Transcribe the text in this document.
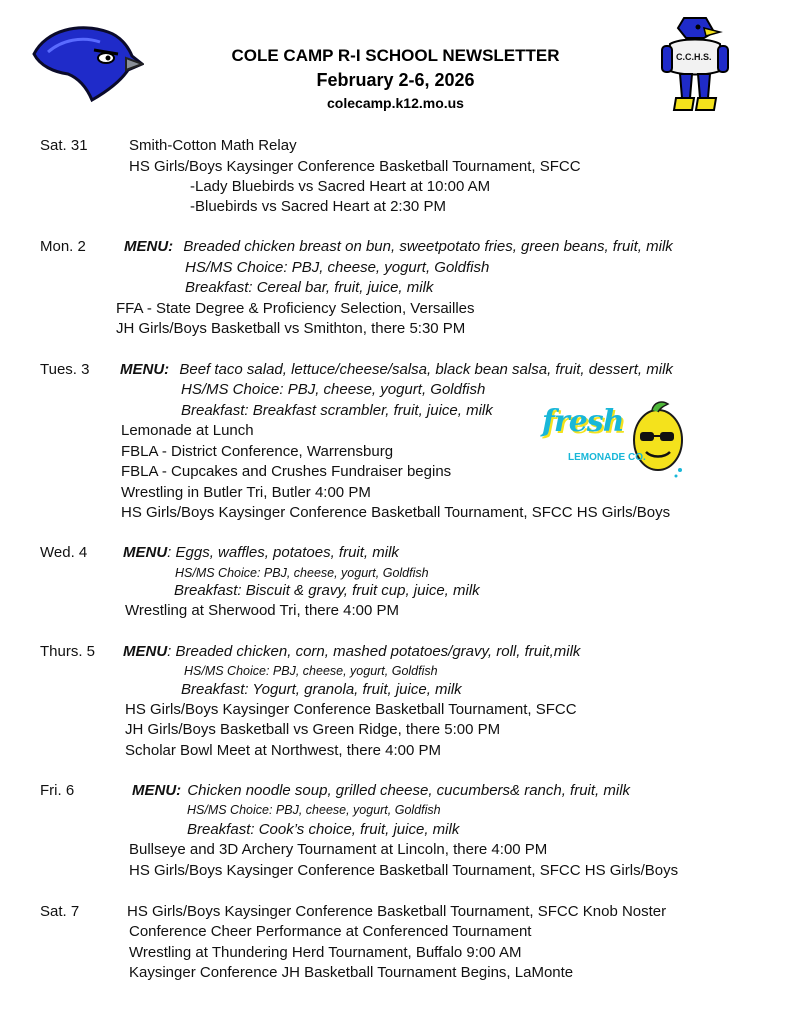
C.C.H.S.
COLE CAMP R-I SCHOOL NEWSLETTER
February 2-6, 2026
colecamp.k12.mo.us
Sat. 31	Smith-Cotton Math Relay
HS Girls/Boys Kaysinger Conference Basketball Tournament, SFCC
-Lady Bluebirds vs Sacred Heart at 10:00 AM
-Bluebirds vs Sacred Heart at 2:30 PM
Mon. 2	MENU: Breaded chicken breast on bun, sweetpotato fries, green beans, fruit, milk
HS/MS Choice: PBJ, cheese, yogurt, Goldfish
Breakfast: Cereal bar, fruit, juice, milk
FFA - State Degree & Proficiency Selection, Versailles
JH Girls/Boys Basketball vs Smithton, there 5:30 PM
Tues. 3 MENU: Beef taco salad, lettuce/cheese/salsa, black bean salsa, fruit, dessert, milk
HS/MS Choice: PBJ, cheese, yogurt, Goldfish
Breakfast: Breakfast scrambler, fruit, juice, milk
Lemonade at Lunch
FBLA - District Conference, Warrensburg
FBLA - Cupcakes and Crushes Fundraiser begins
Wrestling in Butler Tri, Butler 4:00 PM
HS Girls/Boys Kaysinger Conference Basketball Tournament, SFCC HS Girls/Boys
fresh
LEMONADE CO.
Wed. 4 MENU: Eggs, waffles, potatoes, fruit, milk
HS/MS Choice: PBJ, cheese, yogurt, Goldfish
Breakfast: Biscuit & gravy, fruit cup, juice, milk
Wrestling at Sherwood Tri, there 4:00 PM
Thurs. 5 MENU: Breaded chicken, corn, mashed potatoes/gravy, roll, fruit,milk
HS/MS Choice: PBJ, cheese, yogurt, Goldfish
Breakfast: Yogurt, granola, fruit, juice, milk
HS Girls/Boys Kaysinger Conference Basketball Tournament, SFCC
JH Girls/Boys Basketball vs Green Ridge, there 5:00 PM
Scholar Bowl Meet at Northwest, there 4:00 PM
Fri. 6	MENU: Chicken noodle soup, grilled cheese, cucumbers& ranch, fruit, milk
HS/MS Choice: PBJ, cheese, yogurt, Goldfish
Breakfast: Cook’s choice, fruit, juice, milk
Bullseye and 3D Archery Tournament at Lincoln, there 4:00 PM
HS Girls/Boys Kaysinger Conference Basketball Tournament, SFCC HS Girls/Boys
Sat. 7	HS Girls/Boys Kaysinger Conference Basketball Tournament, SFCC Knob Noster
Conference Cheer Performance at Conferenced Tournament
Wrestling at Thundering Herd Tournament, Buffalo 9:00 AM
Kaysinger Conference JH Basketball Tournament Begins, LaMonte
